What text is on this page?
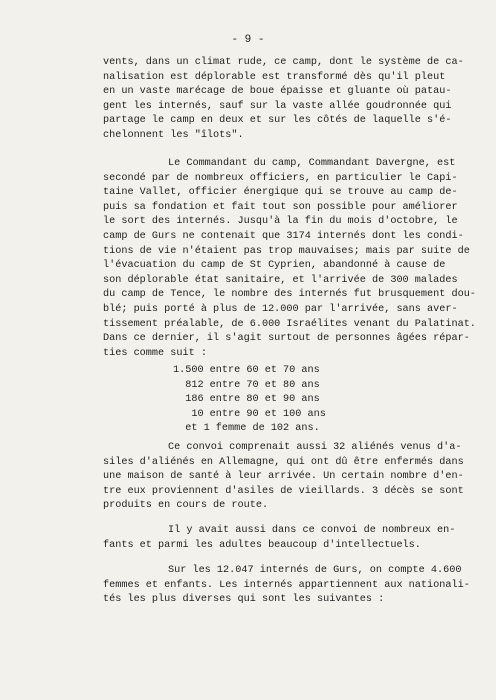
- 9 -
vents, dans un climat rude, ce camp, dont le système de ca-
nalisation est déplorable est transformé dès qu'il pleut
en un vaste marécage de boue épaisse et gluante où patau-
gent les internés, sauf sur la vaste allée goudronnée qui
partage le camp en deux et sur les côtés de laquelle s'é-
chelonnent les "îlots".
Le Commandant du camp, Commandant Davergne, est
secondé par de nombreux officiers, en particulier le Capi-
taine Vallet, officier énergique qui se trouve au camp de-
puis sa fondation et fait tout son possible pour améliorer
le sort des internés. Jusqu'à la fin du mois d'octobre, le
camp de Gurs ne contenait que 3174 internés dont les condi-
tions de vie n'étaient pas trop mauvaises; mais par suite de
l'évacuation du camp de St Cyprien, abandonné à cause de
son déplorable état sanitaire, et l'arrivée de 300 malades
du camp de Tence, le nombre des internés fut brusquement dou-
blé; puis porté à plus de 12.000 par l'arrivée, sans aver-
tissement préalable, de 6.000 Israélites venant du Palatinat.
Dans ce dernier, il s'agit surtout de personnes âgées répar-
ties comme suit :
1.500 entre 60 et 70 ans
812 entre 70 et 80 ans
186 entre 80 et 90 ans
10 entre 90 et 100 ans
et 1 femme de 102 ans.
Ce convoi comprenait aussi 32 aliénés venus d'a-
siles d'aliénés en Allemagne, qui ont dû être enfermés dans
une maison de santé à leur arrivée. Un certain nombre d'en-
tre eux proviennent d'asiles de vieillards. 3 décès se sont
produits en cours de route.
Il y avait aussi dans ce convoi de nombreux en-
fants et parmi les adultes beaucoup d'intellectuels.
Sur les 12.047 internés de Gurs, on compte 4.600
femmes et enfants. Les internés appartiennent aux nationali-
tés les plus diverses qui sont les suivantes :
